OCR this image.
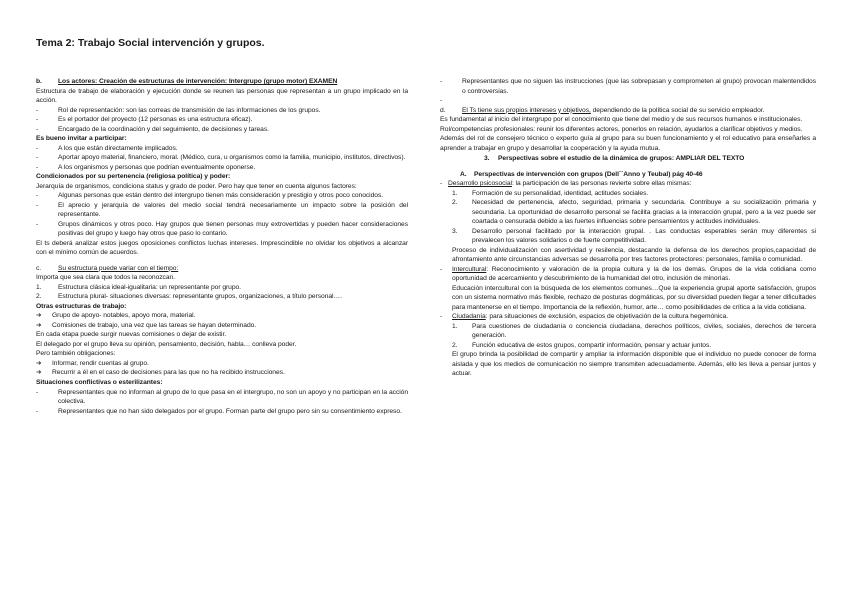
Tema 2: Trabajo Social intervención y grupos.
b.	Los actores: Creación de estructuras de intervención: Intergrupo (grupo motor) EXAMEN
Estructura de trabajo de elaboración y ejecución donde se reunen las personas que representan a un grupo implicado en la acción.
-	Rol de representación: son las correas de transmisión de las informaciones de los grupos.
-	Es el portador del proyecto (12 personas es una estructura eficaz).
-	Encargado de la coordinación y del seguimiento, de decisiones y tareas.
Es bueno invitar a participar:
-	A los que están directamente implicados.
-	Aportar apoyo material, financiero, moral. (Médico, cura, u organismos como la familia, municipio, institutos, directivos).
-	A los organismos y personas que podrían eventualmente oponerse.
Condicionados por su pertenencia (religiosa política) y poder:
Jerarquía de organismos, condiciona status y grado de poder. Pero hay que tener en cuenta algunos factores:
-	Algunas personas que están dentro del intergrupo tienen más consideración y prestigio y otros poco conocidos.
-	El aprecio y jerarquía de valores del medio social tendrá necesariamente un impacto sobre la posición del representante.
-	Grupos dinámicos y otros poco. Hay grupos que tienen personas muy extrovertidas y pueden hacer consideraciones positivas del grupo y luego hay otros que paso lo contario.
El ts deberá analizar estos juegos oposiciones conflictos luchas intereses. Imprescindible no olvidar los objetivos a alcanzar con el mínimo común de acuerdos.
c.	Su estructura puede variar con el tiempo:
Importa que sea clara que todos la reconozcan.
1.	Estructura clásica ideal-igualitaria: un representante por grupo.
2.	Estructura plural- situaciones diversas: representante grupos, organizaciones, a título personal….
Otras estructuras de trabajo:
➔	Grupo de apoyo- notables, apoyo mora, material.
➔	Comisiones de trabajo, una vez que las tareas se hayan determinado.
En cada etapa puede surgir nuevas comisiones o dejar de existir.
El delegado por el grupo lleva su opinión, pensamiento, decisión, habla… conlleva poder.
Pero también obligaciones:
➔	Informar, rendir cuentas al grupo.
➔	Recurrir a él en el caso de decisiones para las que no ha recibido instrucciones.
Situaciones conflictivas o esterilizantes:
-	Representantes que no informan al grupo de lo que pasa en el intergrupo, no son un apoyo y no participan en la acción colectiva.
-	Representantes que no han sido delegados por el grupo. Forman parte del grupo pero sin su consentimiento expreso.
-	Representantes que no siguen las instrucciones (que las sobrepasan y comprometen al grupo) provocan malentendidos o controversias.
-
d.	El Ts tiene sus propios intereses y objetivos, dependiendo de la política social de su servicio empleador.
Es fundamental al inicio del intergrupo por el conocimiento que tiene del medio y de sus recursos humanos e institucionales.
Rol/competencias profesionales: reunir los diferentes actores, ponerlos en relación, ayudarlos a clarificar objetivos y medios.
Además del rol de consejero técnico o experto guía al grupo para su buen funcionamiento y el rol educativo para enseñarles a aprender a trabajar en grupo y desarrollar la cooperación y la ayuda mutua.
3.	Perspectivas sobre el estudio de la dinámica de grupos: AMPLIAR DEL TEXTO
A.	Perspectivas de intervención con grupos (Dell´´Anno y Teubal) pág 40-46
- Desarrollo psicosocial: la participación de las personas revierte sobre ellas mismas:
1.	Formación de su personalidad, identidad, actitudes sociales.
2.	Necesidad de pertenencia, afecto, seguridad, primaria y secundaria. Contribuye a su socialización primaria y secundaria. La oportunidad de desarrollo personal se facilita gracias a la interacción grupal, pero a la vez puede ser coartada o censurada debido a las fuertes influencias sobre pensamientos y actitudes individuales.
3.	Desarrollo personal facilitado por la interacción grupal. . Las conductas esperables serán muy diferentes si prevalecen los valores solidarios o de fuerte competitividad.
Proceso de individualización con asertividad y resilencia, destacando la defensa de los derechos propios,capacidad de afrontamiento ante circunstancias adversas se desarrolla por tres factores protectores: personales, familia o comunidad.
-	Intercultural: Reconocimiento y valoración de la propia cultura y la de los demás. Grupos de la vida cotidiana como oportunidad de acercamiento y descubrimiento de la humanidad del otro, inclusión de minorías.
Educación intercultural con la búsqueda de los elementos comunes…Que la experiencia grupal aporte satisfacción, grupos con un sistema normativo más flexible, rechazo de posturas dogmáticas, por su diversidad pueden llegar a tener dificultades para mantenerse en el tiempo. Importancia de la reflexión, humor, arte… como posibilidades de crítica a la vida cotidiana.
-	Ciudadanía: para situaciones de exclusión, espacios de objetivación de la cultura hegemónica.
1.	Para cuestiones de ciudadanía o conciencia ciudadana, derechos políticos, civiles, sociales, derechos de tercera generación.
2.	Función educativa de estos grupos, compartir información, pensar y actuar juntos.
El grupo brinda la posibilidad de compartir y ampliar la información disponible que el individuo no puede conocer de forma aislada y que los medios de comunicación no siempre transmiten adecuadamente. Además, ello les lleva a pensar juntos y actuar.
